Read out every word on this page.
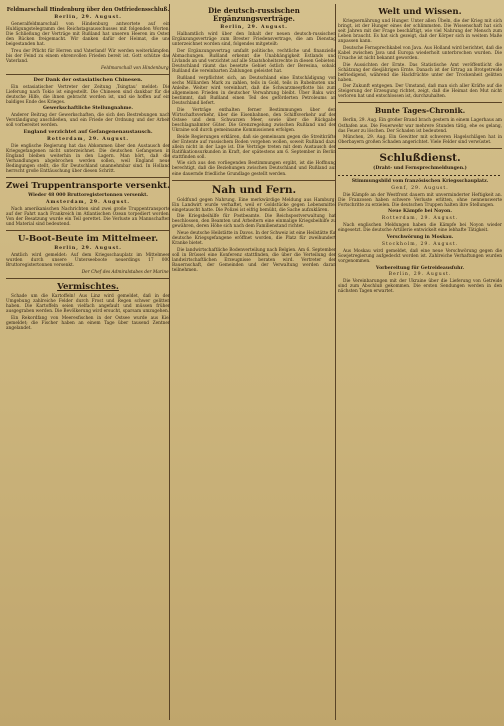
Feldmarschall Hindenburg über den Ostfriedensschluß.
Berlin, 29. August.

Generalfeldmarschall von Hindenburg antwortete auf ein Huldigungstelegramm des Reichstagsausschusses mit folgenden Worten: Die Schließung der Verträge mit Rußland hat unseren Heeren im Osten den Rücken freigemacht. Wir danken dafür der Heimat, die uns beigestanden hat.

Treu der Pflicht für Herren und Vaterland! Wir werden weiterkämpfen, bis der Feind zu einem ehrenvollen Frieden bereit ist. Gott schütze das Vaterland.

Feldmarschall von Hindenburg.
Der Dank der ostasiatischen Chinesen.

Ein ostasiatischer Vertreter der Zeitung ‚Tsingtau‘ meldet: Die Lieferung nach Tokio ist eingestellt. Die Chinesen sind dankbar für die deutsche Hilfe, die ihnen gebracht worden ist, und sie hoffen auf ein baldiges Ende des Krieges.

Gewerkschaftliche Stellungnahme.

Anderer Beitrag der Gewerkschaften, die sich den Bestrebungen nach Verständigung anschließen, und ein Friede der Ordnung und der Arbeit soll vorbereitet werden.

England verzichtet auf Gefangenenaustausch.
Rotterdam, 29. August.

Die englische Regierung hat das Abkommen über den Austausch der Kriegsgefangenen nicht unterzeichnet. Die deutschen Gefangenen in England bleiben weiterhin in den Lagern. Man hört, daß die Verhandlungen abgebrochen werden sollen, weil England neue Bedingungen stellt, die für Deutschland unannehmbar sind. In Holland herrscht große Enttäuschung über diesen Schritt.

Zwei Truppentransporte versenkt.
Wieder 48 000 Bruttoregistertonnen versenkt.
Amsterdam, 29. August.

Nach amerikanischen Nachrichten sind zwei große Truppentransporte auf der Fahrt nach Frankreich im Atlantischen Ozean torpediert worden. Von der Besatzung wurde ein Teil gerettet. Die Verluste an Mannschaften und Material sind bedeutend.

U-Boot-Beute im Mittelmeer.
Berlin, 29. August.

Amtlich wird gemeldet: Auf dem Kriegsschauplatz im Mittelmeer wurden durch unsere Unterseeboote neuerdings 17 000 Bruttoregistertonnen versenkt.

Der Chef des Admiralstabes der Marine.
Vermischtes.

Schade um die Kartoffeln! Aus Linz wird gemeldet, daß in der Umgebung zahlreiche Felder durch Frost und Regen schwer gelitten haben. Die Kartoffeln seien vielfach angefault und müssen früher ausgegraben werden. Die Bevölkerung wird ersucht, sparsam umzugehen.

Ein Rekordfang von Meeresfischen in der Ostsee wurde aus Kiel gemeldet; die Fischer haben an einem Tage über tausend Zentner angelandet.

Die deutsch-russischen Ergänzungsverträge.
Berlin, 29. August.

Halbamtlich wird über den Inhalt der neuen deutsch-russischen Ergänzungsverträge zum Brester Friedensvertrage, die am Dienstag unterzeichnet worden sind, folgendes mitgeteilt:

Der Ergänzungsvertrag umfaßt politische, rechtliche und finanzielle Abmachungen. Rußland erkennt die Unabhängigkeit Estlands und Livlands an und verzichtet auf alle Staatshoheitsrechte in diesen Gebieten. Deutschland räumt das besetzte Gebiet östlich der Beresina, sobald Rußland die vereinbarten Zahlungen geleistet hat.

Rußland verpflichtet sich, an Deutschland eine Entschädigung von sechs Milliarden Mark zu zahlen, teils in Gold, teils in Rubelnoten und Anleihe. Weiter wird vereinbart, daß die Schwarzmeerflotte bis zum allgemeinen Frieden in deutscher Verwahrung bleibt. Über Baku wird bestimmt, daß Rußland einen Teil des geförderten Petroleums an Deutschland liefert.

Die Verträge enthalten ferner Bestimmungen über den Wirtschaftsverkehr, über die Eisenbahnen, den Schiffsverkehr auf der Ostsee und dem Schwarzen Meer, sowie über die Rückgabe beschlagnahmter Güter. Die Grenzregelung zwischen Rußland und der Ukraine soll durch gemeinsame Kommissionen erfolgen.

Beide Regierungen erklären, daß sie gemeinsam gegen die Streitkräfte der Entente auf russischem Boden vorgehen wollen, soweit Rußland dazu allein nicht in der Lage ist. Die Verträge treten mit dem Austausch der Ratifikationsurkunden in Kraft, der spätestens am 6. September in Berlin stattfinden soll.

Wie sich aus den vorliegenden Bestimmungen ergibt, ist die Hoffnung berechtigt, daß die Beziehungen zwischen Deutschland und Rußland auf eine dauernde friedliche Grundlage gestellt werden.

Nah und Fern.

Goldfund gegen Nahrung. Eine merkwürdige Meldung aus Hamburg: Ein Landwirt wurde verhaftet, weil er Goldstücke gegen Lebensmittel eingetauscht hatte. Die Polizei ist eifrig bemüht, die Sache aufzuklären.

Die Kriegsbeihilfe für Postbeamte. Die Reichspostverwaltung hat beschlossen, den Beamten und Arbeitern eine einmalige Kriegsbeihilfe zu gewähren, deren Höhe sich nach dem Familienstand richtet.

Neue deutsche Heilstätte in Davos. In der Schweiz ist eine Heilstätte für deutsche Kriegsgefangene eröffnet worden, die Platz für zweihundert Kranke bietet.

Die landwirtschaftliche Bodenverteilung nach Belgien. Am 6. September soll in Brüssel eine Konferenz stattfinden, die über die Verteilung der landwirtschaftlichen Erzeugnisse beraten wird. Vertreter der Bauernschaft, der Gemeinden und der Verwaltung werden daran teilnehmen.

Welt und Wissen.

Kriegsernährung und Hunger. Unter allen Übeln, die der Krieg mit sich bringt, ist der Hunger eines der schlimmsten. Die Wissenschaft hat sich seit Jahren mit der Frage beschäftigt, wie viel Nahrung der Mensch zum Leben braucht. Es hat sich gezeigt, daß der Körper sich in weitem Maße anpassen kann.

Deutsche Fernsprechkabel von Java. Aus Holland wird berichtet, daß die Kabel zwischen Java und Europa wiederholt unterbrochen wurden. Die Ursache ist nicht bekannt geworden.

Die Aussichten der Ernte. Das Statistische Amt veröffentlicht die Schätzung der diesjährigen Ernte. Danach ist der Ertrag an Brotgetreide befriedigend, während die Hackfrüchte unter der Trockenheit gelitten haben.

Der Zukunft entgegen. Der Umstand, daß man sich aller Kräfte auf die Steigerung der Erzeugung richtet, zeigt, daß die Heimat den Mut nicht verloren hat und entschlossen ist, durchzuhalten.

Bunte Tages-Chronik.

Berlin, 29. Aug. Ein großer Brand brach gestern in einem Lagerhaus am Osthafen aus. Die Feuerwehr war mehrere Stunden tätig, ehe es gelang, das Feuer zu löschen. Der Schaden ist bedeutend.

München, 29. Aug. Ein Gewitter mit schweren Hagelschlägen hat in Oberbayern großen Schaden angerichtet. Viele Felder sind verwüstet.

Schlußdienst.
(Draht- und Fernsprechmeldungen.)
Stimmungsbild vom französischen Kriegsschauplatz.
Genf, 29. August.

Die Kämpfe an der Westfront dauern mit unverminderter Heftigkeit an. Die Franzosen haben schwere Verluste erlitten, ohne nennenswerte Fortschritte zu erzielen. Die deutschen Truppen halten ihre Stellungen.

Neue Kämpfe bei Noyon.
Rotterdam, 29. August.

Nach englischen Meldungen haben die Kämpfe bei Noyon wieder eingesetzt. Die deutsche Artillerie entwickelt eine lebhafte Tätigkeit.

Verschwörung in Moskau.
Stockholm, 29. August.

Aus Moskau wird gemeldet, daß eine neue Verschwörung gegen die Sowjetregierung aufgedeckt worden ist. Zahlreiche Verhaftungen wurden vorgenommen.

Vorbereitung für Getreideausfuhr.
Berlin, 29. August.

Die Vereinbarungen mit der Ukraine über die Lieferung von Getreide sind zum Abschluß gekommen. Die ersten Sendungen werden in den nächsten Tagen erwartet.
